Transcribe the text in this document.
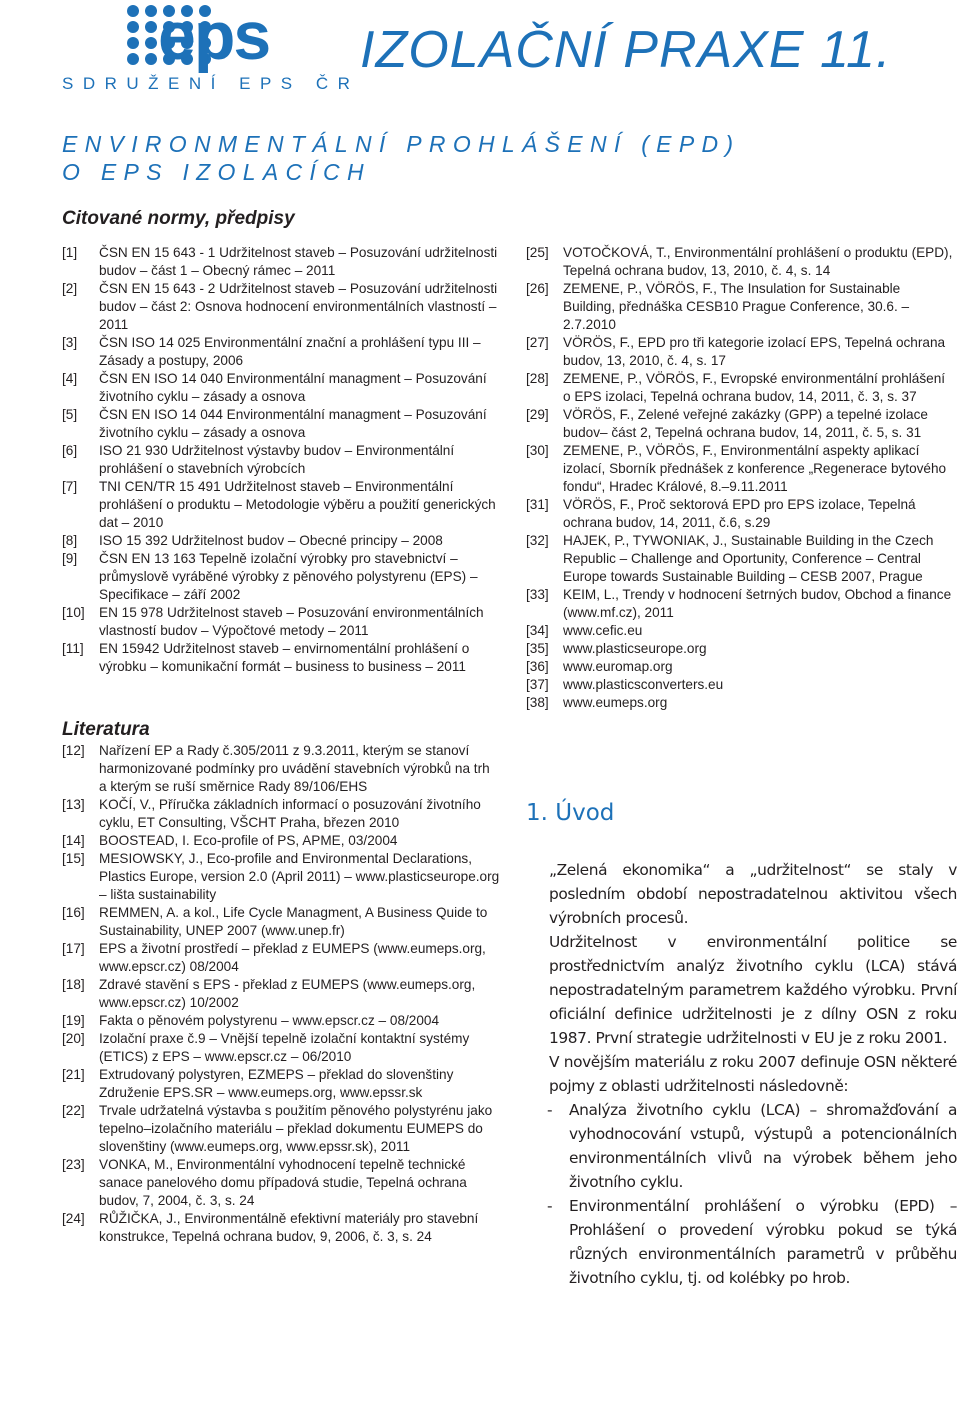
eps
SDRUŽENÍ EPS ČR
IZOLAČNÍ PRAXE 11.
ENVIRONMENTÁLNÍ PROHLÁŠENÍ (EPD)
O EPS IZOLACÍCH
Citované normy, předpisy
[1]	ČSN EN 15 643 - 1 Udržitelnost staveb – Posuzování udržitelnosti budov – část 1 – Obecný rámec – 2011
[2]	ČSN EN 15 643 - 2 Udržitelnost staveb – Posuzování udržitelnosti budov – část 2: Osnova hodnocení environmentálních vlastností – 2011
[3]	ČSN ISO 14 025 Environmentální znační a prohlášení typu III – Zásady a postupy, 2006
[4]	ČSN EN ISO 14 040 Environmentální managment – Posuzování životního cyklu – zásady a osnova
[5]	ČSN EN ISO 14 044 Environmentální managment – Posuzování životního cyklu – zásady a osnova
[6]	ISO 21 930 Udržitelnost výstavby budov – Environmentální prohlášení o stavebních výrobcích
[7]	TNI CEN/TR 15 491 Udržitelnost staveb – Environmentální prohlášení o produktu – Metodologie výběru a použití generických dat – 2010
[8]	ISO 15 392 Udržitelnost budov – Obecné principy – 2008
[9]	ČSN EN 13 163 Tepelně izolační výrobky pro stavebnictví – průmyslově vyráběné výrobky z pěnového polystyrenu (EPS) – Specifikace – září 2002
[10]	EN 15 978 Udržitelnost staveb – Posuzování environmentálních vlastností budov – Výpočtové metody – 2011
[11]	EN 15942 Udržitelnost staveb – envirnomentální prohlášení o výrobku – komunikační formát – business to business – 2011
Literatura
[12]	Nařízení EP a Rady č.305/2011 z 9.3.2011, kterým se stanoví harmonizované podmínky pro uvádění stavebních výrobků na trh a kterým se ruší směrnice Rady 89/106/EHS
[13]	KOČÍ, V., Příručka základních informací o posuzování životního cyklu, ET Consulting, VŠCHT Praha, březen 2010
[14]	BOOSTEAD, I. Eco-profile of PS, APME, 03/2004
[15]	MESIOWSKY, J., Eco-profile and Environmental Declarations, Plastics Europe, version 2.0 (April 2011) – www.plasticseurope.org – lišta sustainability
[16]	REMMEN, A. a kol., Life Cycle Managment, A Business Quide to Sustainability, UNEP 2007 (www.unep.fr)
[17]	EPS a životní prostředí – překlad z EUMEPS (www.eumeps.org, www.epscr.cz) 08/2004
[18]	Zdravé stavění s EPS - překlad z EUMEPS (www.eumeps.org, www.epscr.cz) 10/2002
[19]	Fakta o pěnovém polystyrenu – www.epscr.cz – 08/2004
[20]	Izolační praxe č.9 – Vnější tepelně izolační kontaktní systémy (ETICS) z EPS – www.epscr.cz – 06/2010
[21]	Extrudovaný polystyren, EZMEPS – překlad do slovenštiny Združenie EPS.SR – www.eumeps.org, www.epssr.sk
[22]	Trvale udržatelná výstavba s použitím pěnového polystyrénu jako tepelno–izolačního materiálu – překlad dokumentu EUMEPS do slovenštiny (www.eumeps.org, www.epssr.sk), 2011
[23]	VONKA, M., Environmentální vyhodnocení tepelně technické sanace panelového domu případová studie, Tepelná ochrana budov, 7, 2004, č. 3, s. 24
[24]	RŮŽIČKA, J., Environmentálně efektivní materiály pro stavební konstrukce, Tepelná ochrana budov, 9, 2006, č. 3, s. 24
[25]	VOTOČKOVÁ, T., Environmentální prohlášení o produktu (EPD), Tepelná ochrana budov, 13, 2010, č. 4, s. 14
[26]	ZEMENE, P., VÖRÖS, F., The Insulation for Sustainable Building, přednáška CESB10 Prague Conference, 30.6. – 2.7.2010
[27]	VÖRÖS, F., EPD pro tři kategorie izolací EPS, Tepelná ochrana budov, 13, 2010, č. 4, s. 17
[28]	ZEMENE, P., VÖRÖS, F., Evropské environmentální prohlášení o EPS izolaci, Tepelná ochrana budov, 14, 2011, č. 3, s. 37
[29]	VÖRÖS, F., Zelené veřejné zakázky (GPP) a tepelné izolace budov– část 2, Tepelná ochrana budov, 14, 2011, č. 5, s. 31
[30]	ZEMENE, P., VÖRÖS, F., Environmentální aspekty aplikací izolací, Sborník přednášek z konference „Regenerace bytového fondu“, Hradec Králové, 8.–9.11.2011
[31]	VÖRÖS, F., Proč sektorová EPD pro EPS izolace, Tepelná ochrana budov, 14, 2011, č.6, s.29
[32]	HAJEK, P., TYWONIAK, J., Sustainable Building in the Czech Republic – Challenge and Oportunity, Conference – Central Europe towards Sustainable Building – CESB 2007, Prague
[33]	KEIM, L., Trendy v hodnocení šetrných budov, Obchod a finance (www.mf.cz), 2011
[34]	www.cefic.eu
[35]	www.plasticseurope.org
[36]	www.euromap.org
[37]	www.plasticsconverters.eu
[38]	www.eumeps.org
1. Úvod

„Zelená ekonomika“ a „udržitelnost“ se staly v posledním období nepostradatelnou aktivitou všech výrobních procesů.

Udržitelnost v environmentální politice se prostřednictvím analýz životního cyklu (LCA) stává nepostradatelným parametrem každého výrobku. První oficiální definice udržitelnosti je z dílny OSN z roku 1987. První strategie udržitelnosti v EU je z roku 2001.

V novějším materiálu z roku 2007 definuje OSN některé pojmy z oblasti udržitelnosti následovně:

- Analýza životního cyklu (LCA) – shromažďování a vyhodnocování vstupů, výstupů a potencionálních environmentálních vlivů na výrobek během jeho životního cyklu.
- Environmentální prohlášení o výrobku (EPD) – Prohlášení o provedení výrobku pokud se týká různých environmentálních parametrů v průběhu životního cyklu, tj. od kolébky po hrob.
